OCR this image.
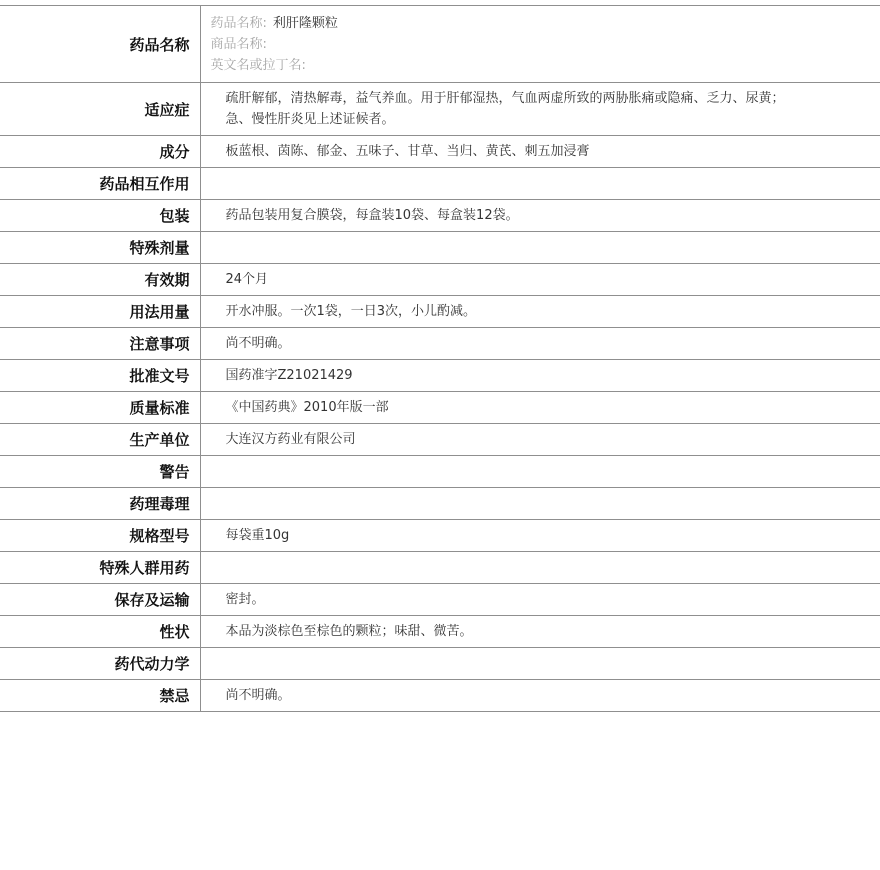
药品名称	药品名称: 利肝隆颗粒
商品名称:
英文名或拉丁名:

适应症	疏肝解郁，清热解毒，益气养血。用于肝郁湿热，气血两虚所致的两胁胀痛或隐痛、乏力、尿黄；急、慢性肝炎见上述证候者。
成分	板蓝根、茵陈、郁金、五味子、甘草、当归、黄芪、刺五加浸膏
药品相互作用	
包装	药品包装用复合膜袋，每盒装10袋、每盒装12袋。
特殊剂量	
有效期	24个月
用法用量	开水冲服。一次1袋，一日3次，小儿酌减。
注意事项	尚不明确。
批准文号	国药准字Z21021429
质量标准	《中国药典》2010年版一部
生产单位	大连汉方药业有限公司
警告	
药理毒理	
规格型号	每袋重10g
特殊人群用药	
保存及运输	密封。
性状	本品为淡棕色至棕色的颗粒；味甜、微苦。
药代动力学	
禁忌	尚不明确。
